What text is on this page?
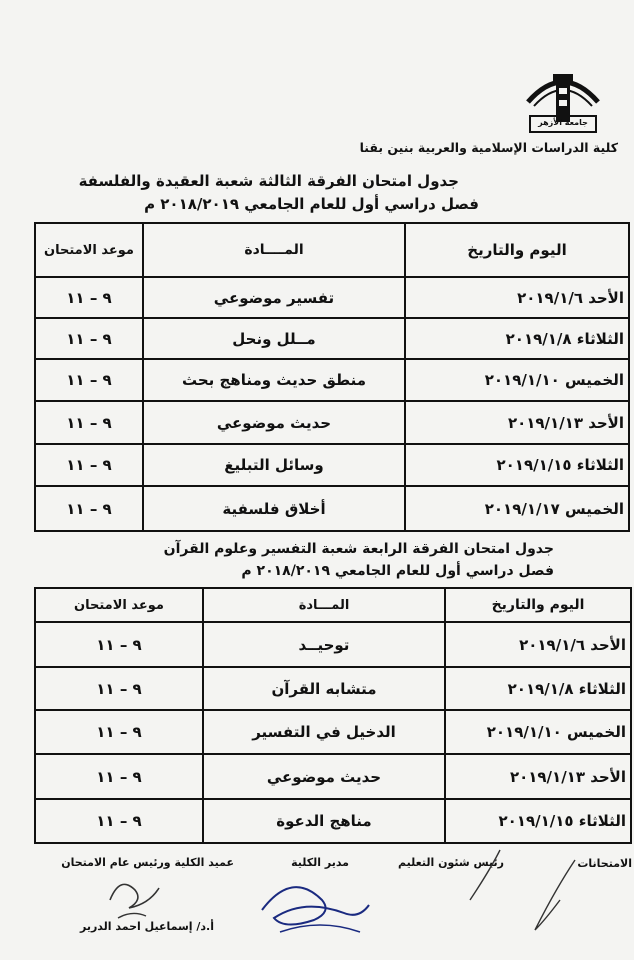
جامعة الأزهر
كلية الدراسات الإسلامية والعربية بنين بقنا
جدول امتحان الفرقة الثالثة شعبة العقيدة والفلسفة
فصل دراسي أول للعام الجامعي ٢٠١٨/٢٠١٩ م
اليوم والتاريخ	المــــادة	موعد الامتحان
الأحد ٢٠١٩/١/٦	تفسير موضوعي	٩ – ١١
الثلاثاء ٢٠١٩/١/٨	مــلل ونحل	٩ – ١١
الخميس ٢٠١٩/١/١٠	منطق حديث ومناهج بحث	٩ – ١١
الأحد ٢٠١٩/١/١٣	حديث موضوعي	٩ – ١١
الثلاثاء ٢٠١٩/١/١٥	وسائل التبليغ	٩ – ١١
الخميس ٢٠١٩/١/١٧	أخلاق فلسفية	٩ – ١١
جدول امتحان الفرقة الرابعة شعبة التفسير وعلوم القرآن
فصل دراسي أول للعام الجامعي ٢٠١٨/٢٠١٩ م
اليوم والتاريخ	المـــادة	موعد الامتحان
الأحد ٢٠١٩/١/٦	توحيــد	٩ – ١١
الثلاثاء ٢٠١٩/١/٨	متشابه القرآن	٩ – ١١
الخميس ٢٠١٩/١/١٠	الدخيل في التفسير	٩ – ١١
الأحد ٢٠١٩/١/١٣	حديث موضوعي	٩ – ١١
الثلاثاء ٢٠١٩/١/١٥	مناهج الدعوة	٩ – ١١
الامتحانات
رئيس شئون التعليم
مدير الكلية
عميد الكلية ورئيس عام الامتحان
أ.د/ إسماعيل احمد الدرير
